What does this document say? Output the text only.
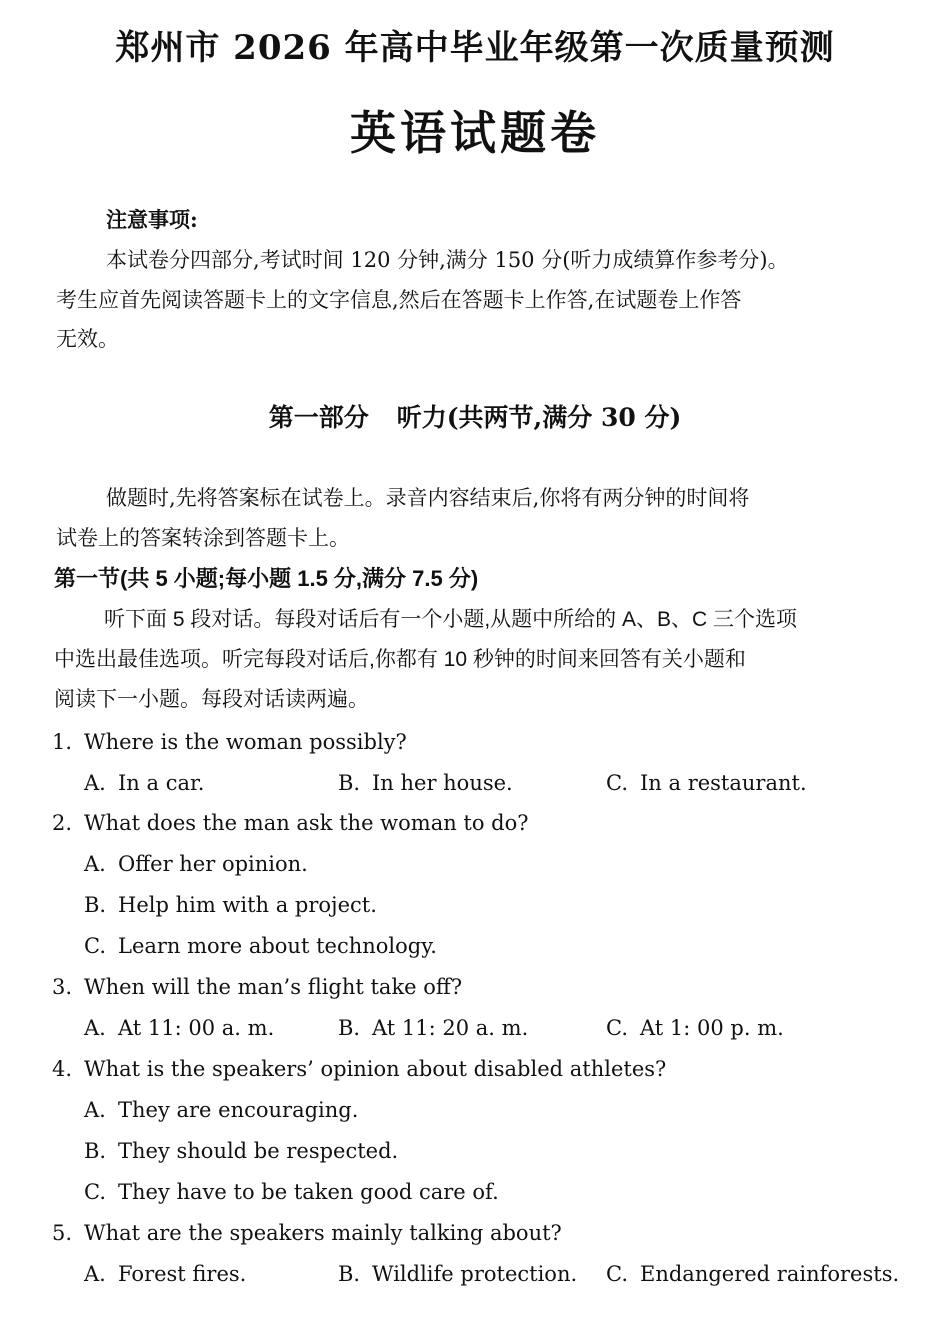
郑州市 2026 年高中毕业年级第一次质量预测
英语试题卷
注意事项:
本试卷分四部分,考试时间 120 分钟,满分 150 分(听力成绩算作参考分)。
考生应首先阅读答题卡上的文字信息,然后在答题卡上作答,在试题卷上作答
无效。
第一部分 听力(共两节,满分 30 分)
做题时,先将答案标在试卷上。录音内容结束后,你将有两分钟的时间将
试卷上的答案转涂到答题卡上。
第一节(共 5 小题;每小题 1.5 分,满分 7.5 分)
听下面 5 段对话。每段对话后有一个小题,从题中所给的 A、B、C 三个选项
中选出最佳选项。听完每段对话后,你都有 10 秒钟的时间来回答有关小题和
阅读下一小题。每段对话读两遍。
1. Where is the woman possibly?
A. In a car.	B. In her house.	C. In a restaurant.
2. What does the man ask the woman to do?
A. Offer her opinion.
B. Help him with a project.
C. Learn more about technology.
3. When will the man’s flight take off?
A. At 11: 00 a. m.	B. At 11: 20 a. m.	C. At 1: 00 p. m.
4. What is the speakers’ opinion about disabled athletes?
A. They are encouraging.
B. They should be respected.
C. They have to be taken good care of.
5. What are the speakers mainly talking about?
A. Forest fires.	B. Wildlife protection. C. Endangered rainforests.
